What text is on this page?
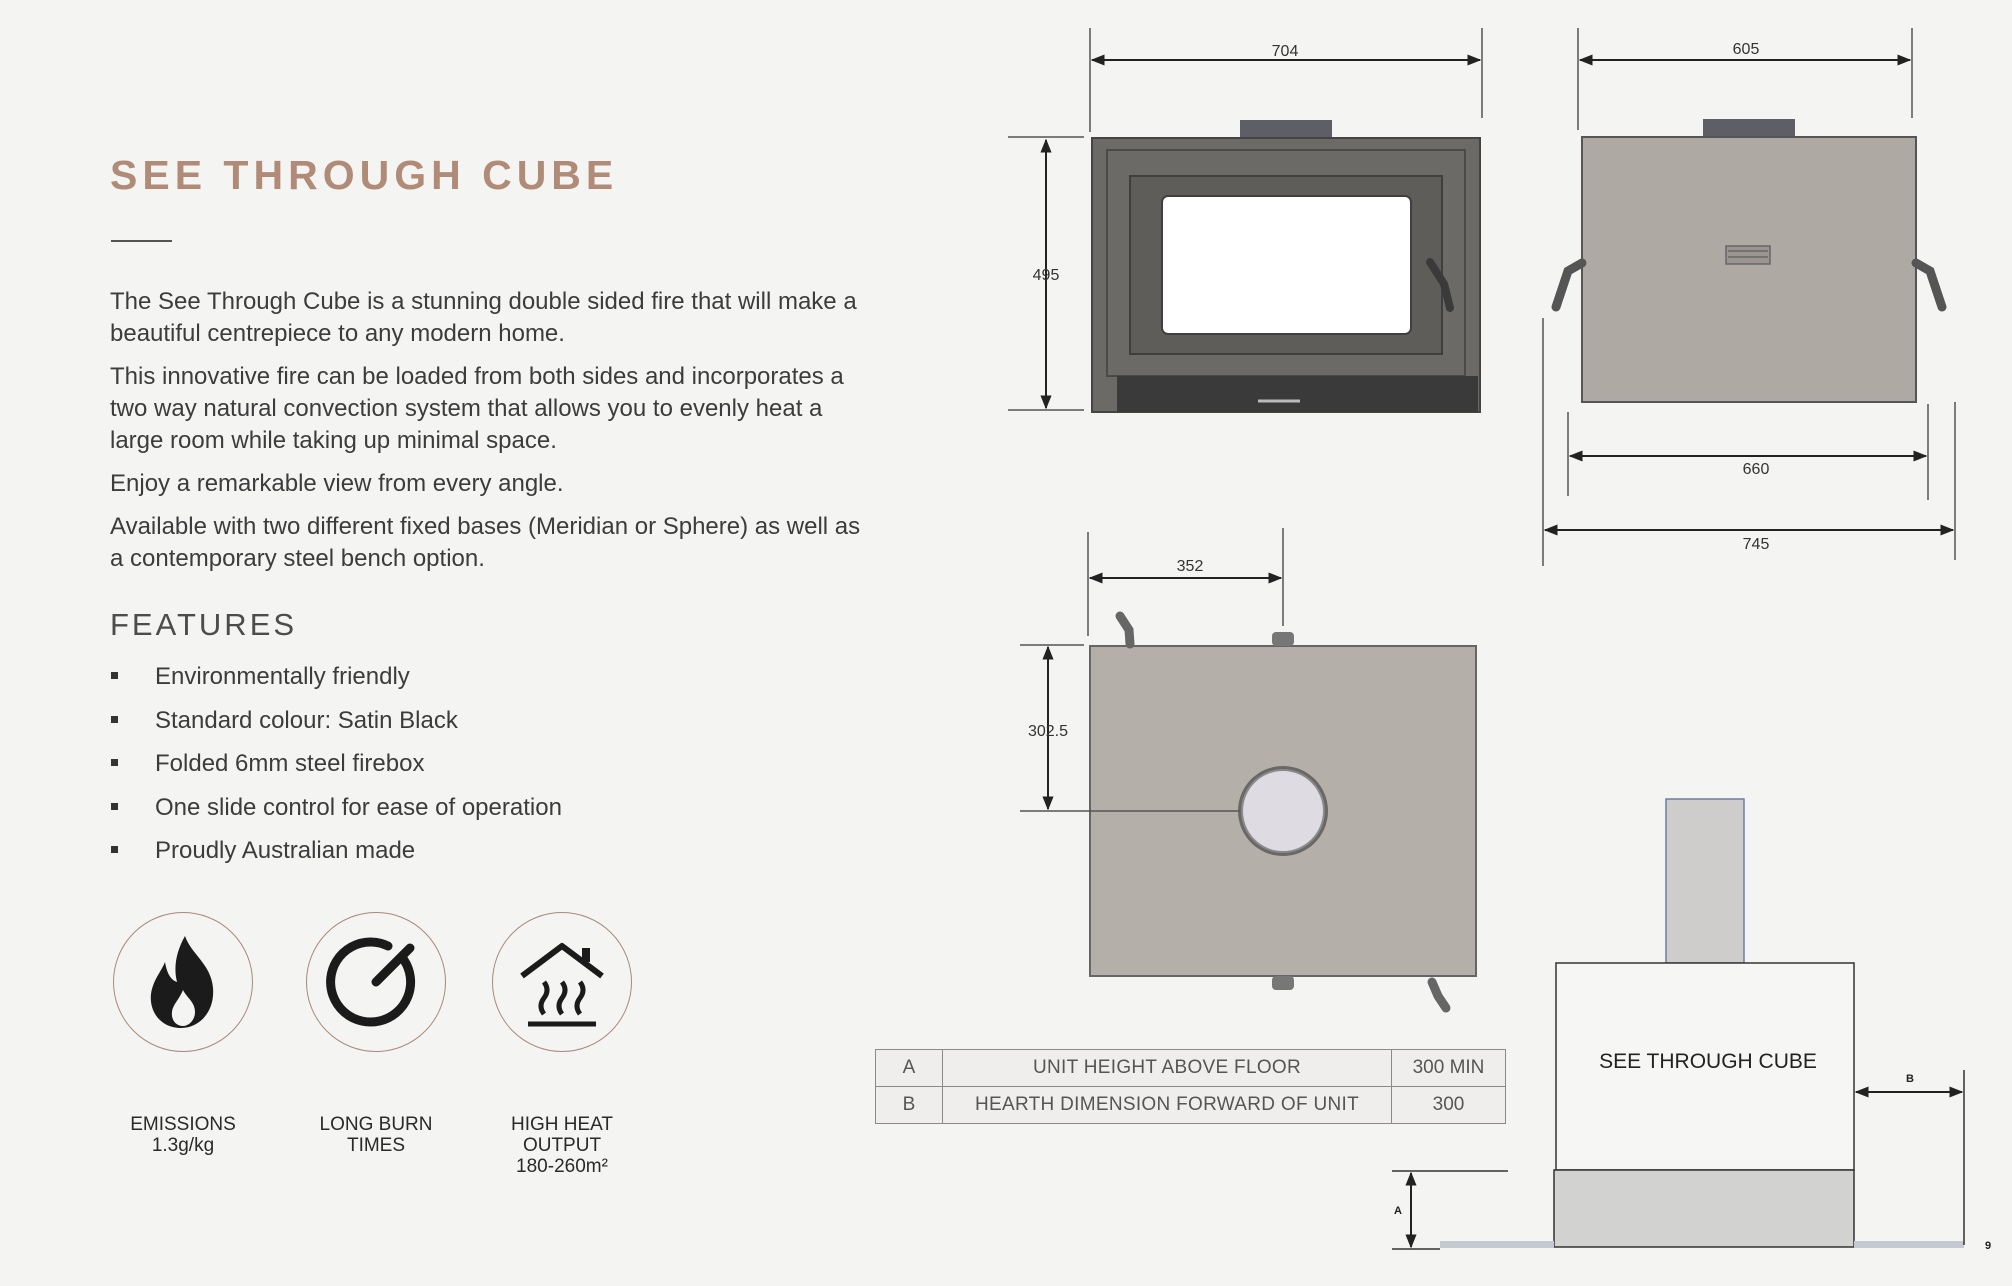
SEE THROUGH CUBE

The See Through Cube is a stunning double sided fire that will make a beautiful centrepiece to any modern home.

This innovative fire can be loaded from both sides and incorporates a two way natural convection system that allows you to evenly heat a large room while taking up minimal space.

Enjoy a remarkable view from every angle.

Available with two different fixed bases (Meridian or Sphere) as well as a contemporary steel bench option.

FEATURES
Environmentally friendly
Standard colour: Satin Black
Folded 6mm steel firebox
One slide control for ease of operation
Proudly Australian made
EMISSIONS
1.3g/kg
LONG BURN
TIMES
HIGH HEAT
OUTPUT
180-260m²
704
495
605
660
745
352
302.5
SEE THROUGH CUBE
A
B
9
A	UNIT HEIGHT ABOVE FLOOR	300 MIN
B	HEARTH DIMENSION FORWARD OF UNIT	300
